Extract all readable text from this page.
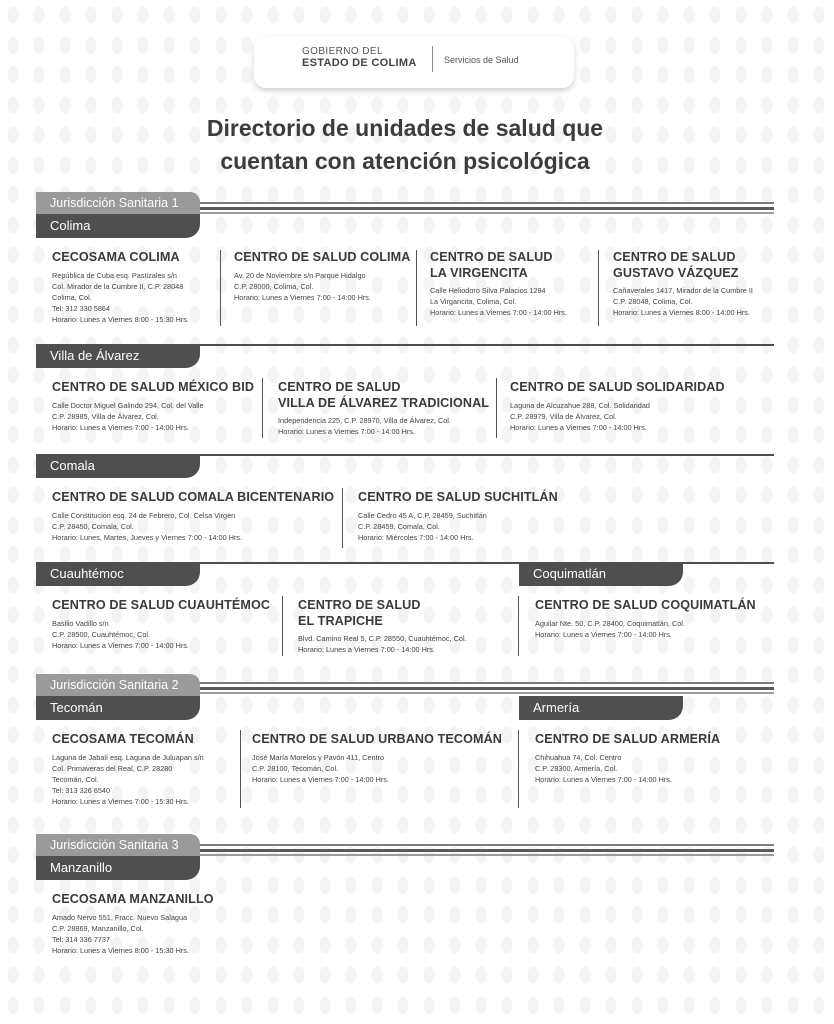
GOBIERNO DEL
ESTADO DE COLIMA	Servicios de Salud
Directorio de unidades de salud que
cuentan con atención psicológica
Jurisdicción Sanitaria 1
Colima
CECOSAMA COLIMA
República de Cuba esq. Pastizales s/n
Col. Mirador de la Cumbre II, C.P. 28048
Colima, Col.
Tel: 312 330 5864
Horario: Lunes a Viernes 8:00 - 15:30 Hrs.
CENTRO DE SALUD COLIMA
Av. 20 de Noviembre s/n Parque Hidalgo
C.P. 28000, Colima, Col.
Horario: Lunes a Viernes 7:00 - 14:00 Hrs.
CENTRO DE SALUD
LA VIRGENCITA
Calle Heliodoro Silva Palacios 1294
La Virgancita, Colima, Col.
Horario: Lunes a Viernes 7:00 - 14:00 Hrs.
CENTRO DE SALUD
GUSTAVO VÁZQUEZ
Cañaverales 1417, Mirador de la Cumbre II
C.P. 28048, Colima, Col.
Horario: Lunes a Viernes 8:00 - 14:00 Hrs.
Villa de Álvarez
CENTRO DE SALUD MÉXICO BID
Calle Doctor Miguel Galindo 294, Col. del Valle
C.P. 28985, Villa de Álvarez, Col.
Horario: Lunes a Viernes 7:00 - 14:00 Hrs.
CENTRO DE SALUD
VILLA DE ÁLVAREZ TRADICIONAL
Independencia 225, C.P. 28970, Villa de Álvarez, Col.
Horario: Lunes a Viernes 7:00 - 14:00 Hrs.
CENTRO DE SALUD SOLIDARIDAD
Laguna de Alcuzahue 288, Col. Solidaridad
C.P. 28979, Villa de Álvarez, Col.
Horario: Lunes a Viernes 7:00 - 14:00 Hrs.
Comala
CENTRO DE SALUD COMALA BICENTENARIO
Calle Constitución esq. 24 de Febrero, Col. Celsa Virgen
C.P. 28450, Comala, Col.
Horario: Lunes, Martes, Jueves y Viernes 7:00 - 14:00 Hrs.
CENTRO DE SALUD SUCHITLÁN
Calle Cedro 45 A, C.P. 28459, Suchitlán
C.P. 28459, Comala, Col.
Horario: Miércoles 7:00 - 14:00 Hrs.
Cuauhtémoc	Coquimatlán
CENTRO DE SALUD CUAUHTÉMOC
Basilio Vadillo s/n
C.P. 28500, Cuauhtémoc, Col.
Horario: Lunes a Viernes 7:00 - 14:00 Hrs.
CENTRO DE SALUD
EL TRAPICHE
Blvd. Camino Real 5, C.P. 28550, Cuauhtémoc, Col.
Horario: Lunes a Viernes 7:00 - 14:00 Hrs.
CENTRO DE SALUD COQUIMATLÁN
Aguilar Nte. 50, C.P. 28400, Coquimatlán, Col.
Horario: Lunes a Viernes 7:00 - 14:00 Hrs.
Jurisdicción Sanitaria 2
Tecomán	Armería
CECOSAMA TECOMÁN
Laguna de Jabalí esq. Laguna de Juluapan s/n
Col. Primaveras del Real, C.P. 28280
Tecomán, Col.
Tel: 313 326 6540
Horario: Lunes a Viernes 7:00 - 15:30 Hrs.
CENTRO DE SALUD URBANO TECOMÁN
José María Morelos y Pavón 411, Centro
C.P. 28100, Tecomán, Col.
Horario: Lunes a Viernes 7:00 - 14:00 Hrs.
CENTRO DE SALUD ARMERÍA
Chihuahua 74, Col. Centro
C.P. 28300, Armería, Col.
Horario: Lunes a Viernes 7:00 - 14:00 Hrs.
Jurisdicción Sanitaria 3
Manzanillo
CECOSAMA MANZANILLO
Amado Nervo 551, Fracc. Nuevo Salagua
C.P. 28869, Manzanillo, Col.
Tel: 314 336 7737
Horario: Lunes a Viernes 8:00 - 15:30 Hrs.
